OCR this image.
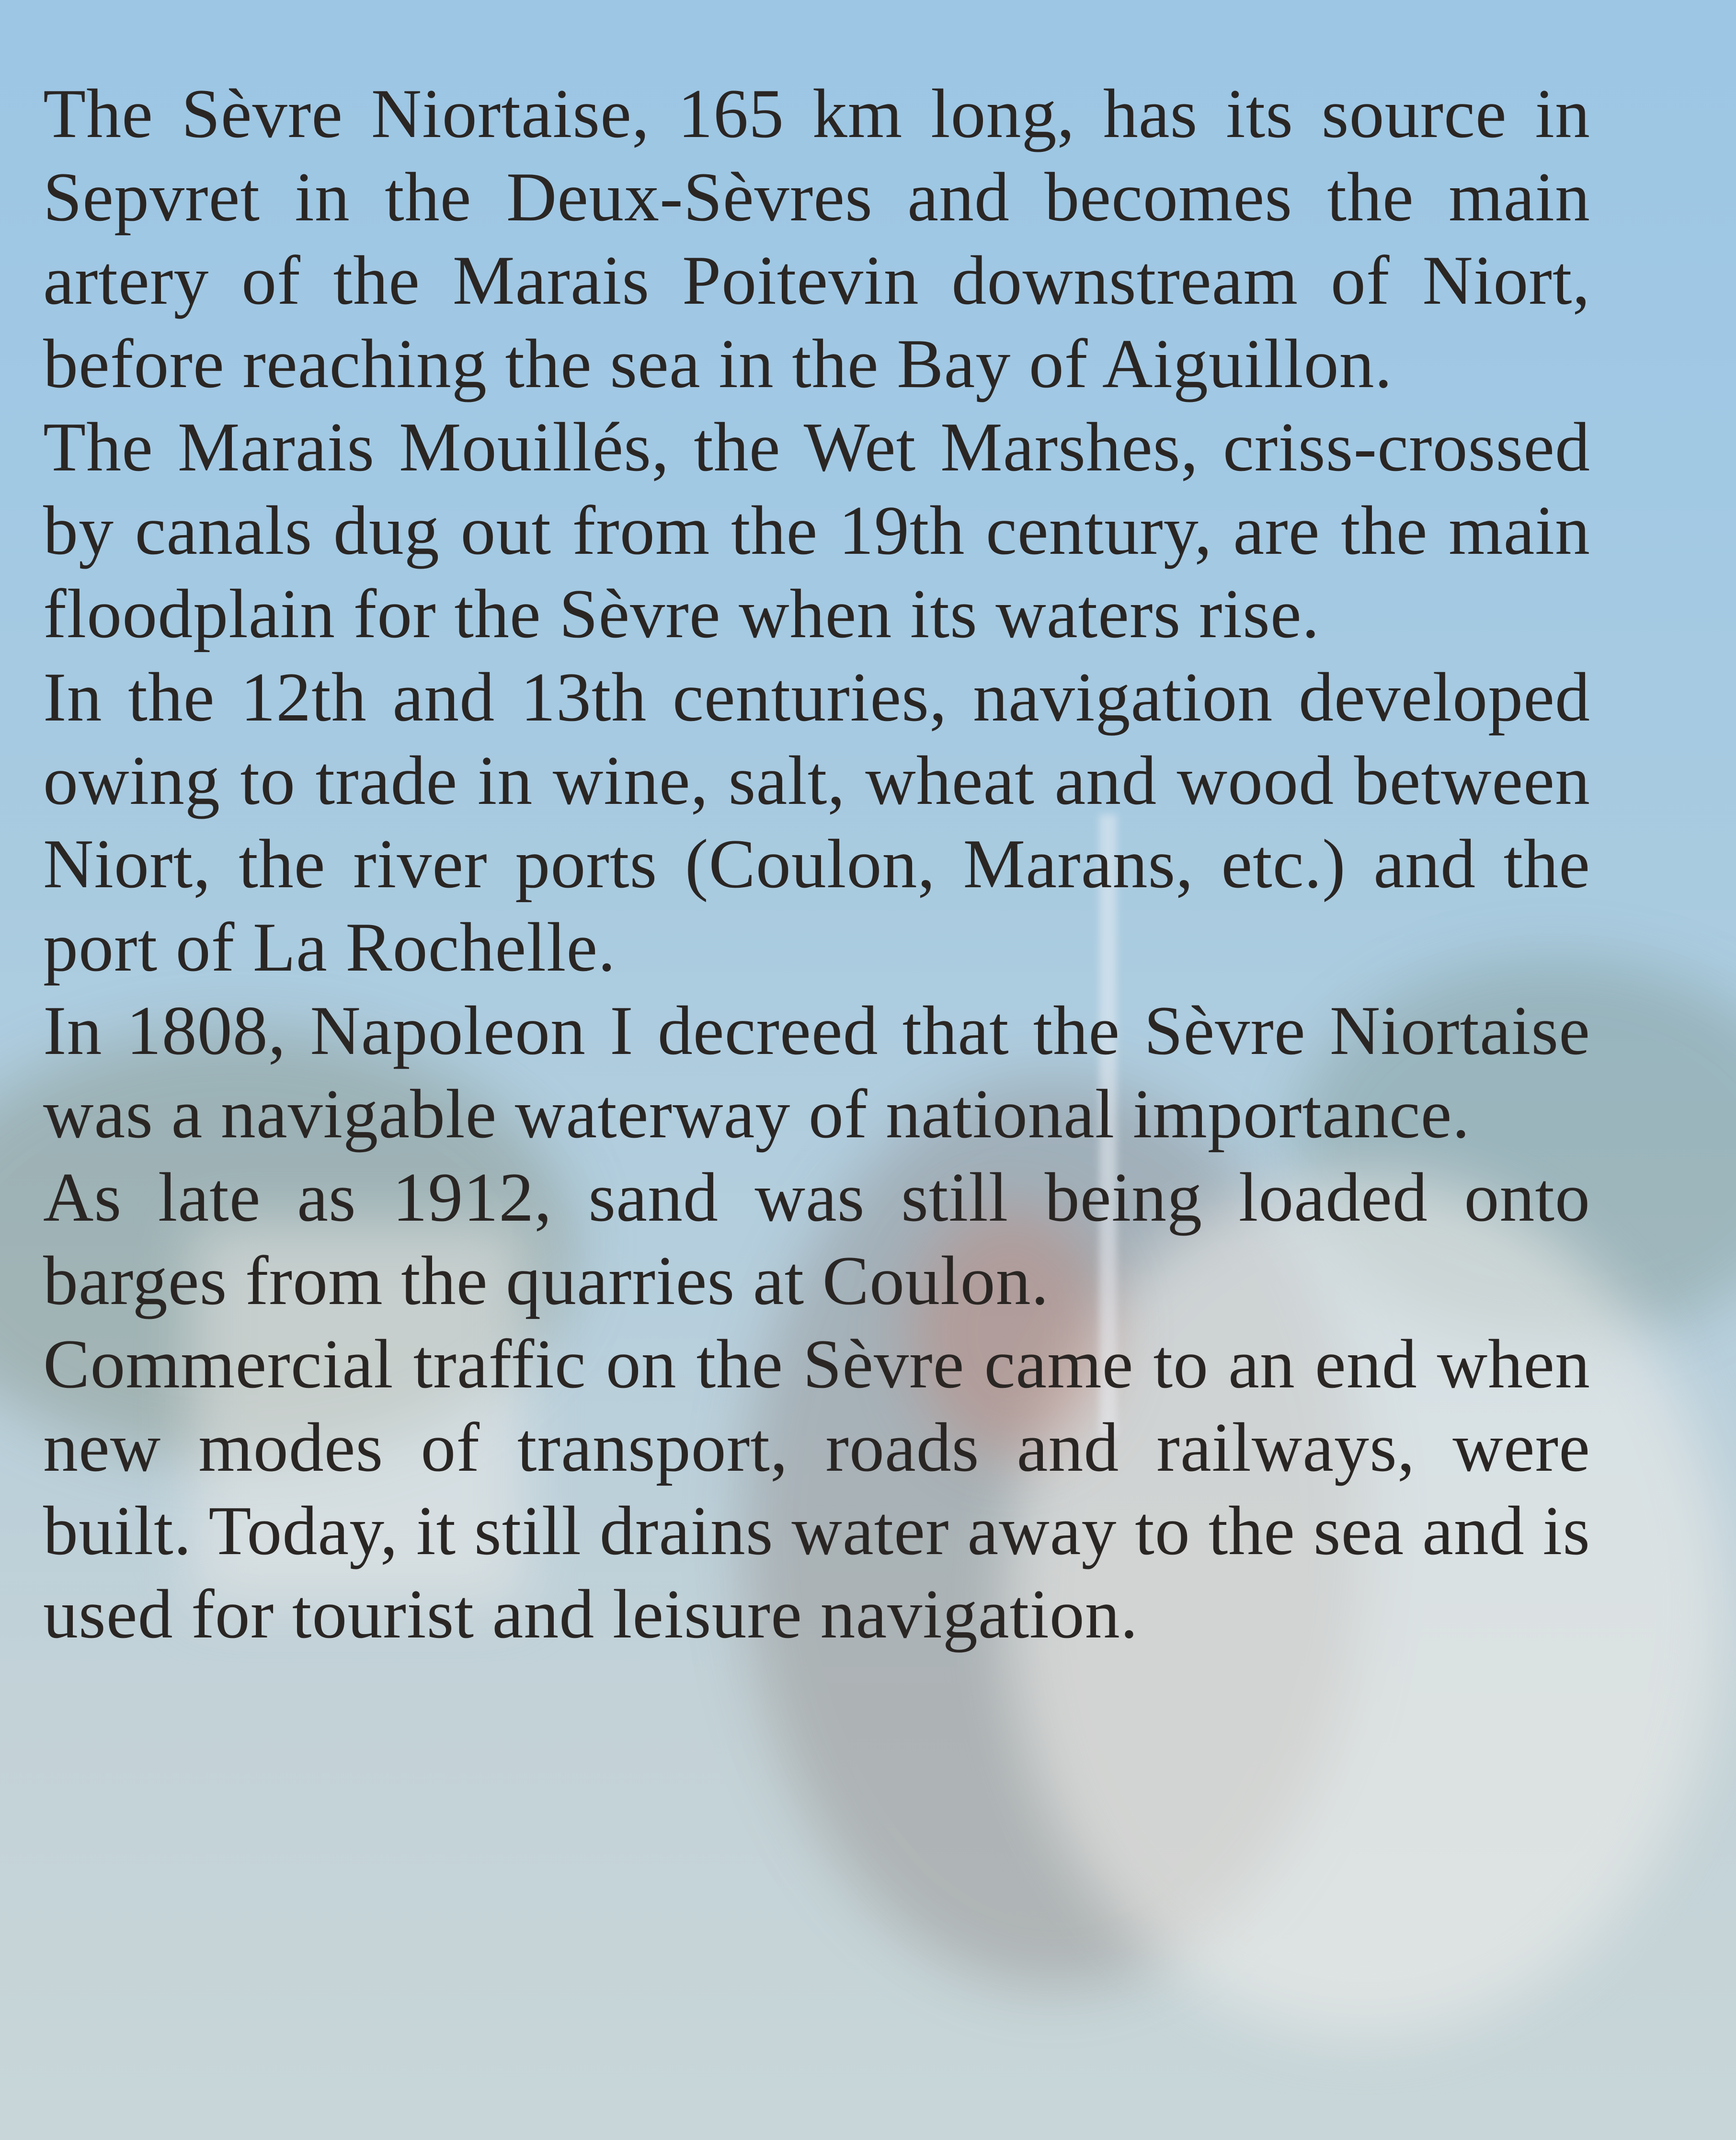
The Sèvre Niortaise, 165 km long, has its source in Sepvret in the Deux-Sèvres and becomes the main artery of the Marais Poitevin downstream of Niort, before reaching the sea in the Bay of Aiguillon.

The Marais Mouillés, the Wet Marshes, criss-crossed by canals dug out from the 19th century, are the main floodplain for the Sèvre when its waters rise.

In the 12th and 13th centuries, navigation developed owing to trade in wine, salt, wheat and wood between Niort, the river ports (Coulon, Marans, etc.) and the port of La Rochelle.

In 1808, Napoleon I decreed that the Sèvre Niortaise was a navigable waterway of national importance.

As late as 1912, sand was still being loaded onto barges from the quarries at Coulon.

Commercial traffic on the Sèvre came to an end when new modes of transport, roads and railways, were built. Today, it still drains water away to the sea and is used for tourist and leisure navigation.
